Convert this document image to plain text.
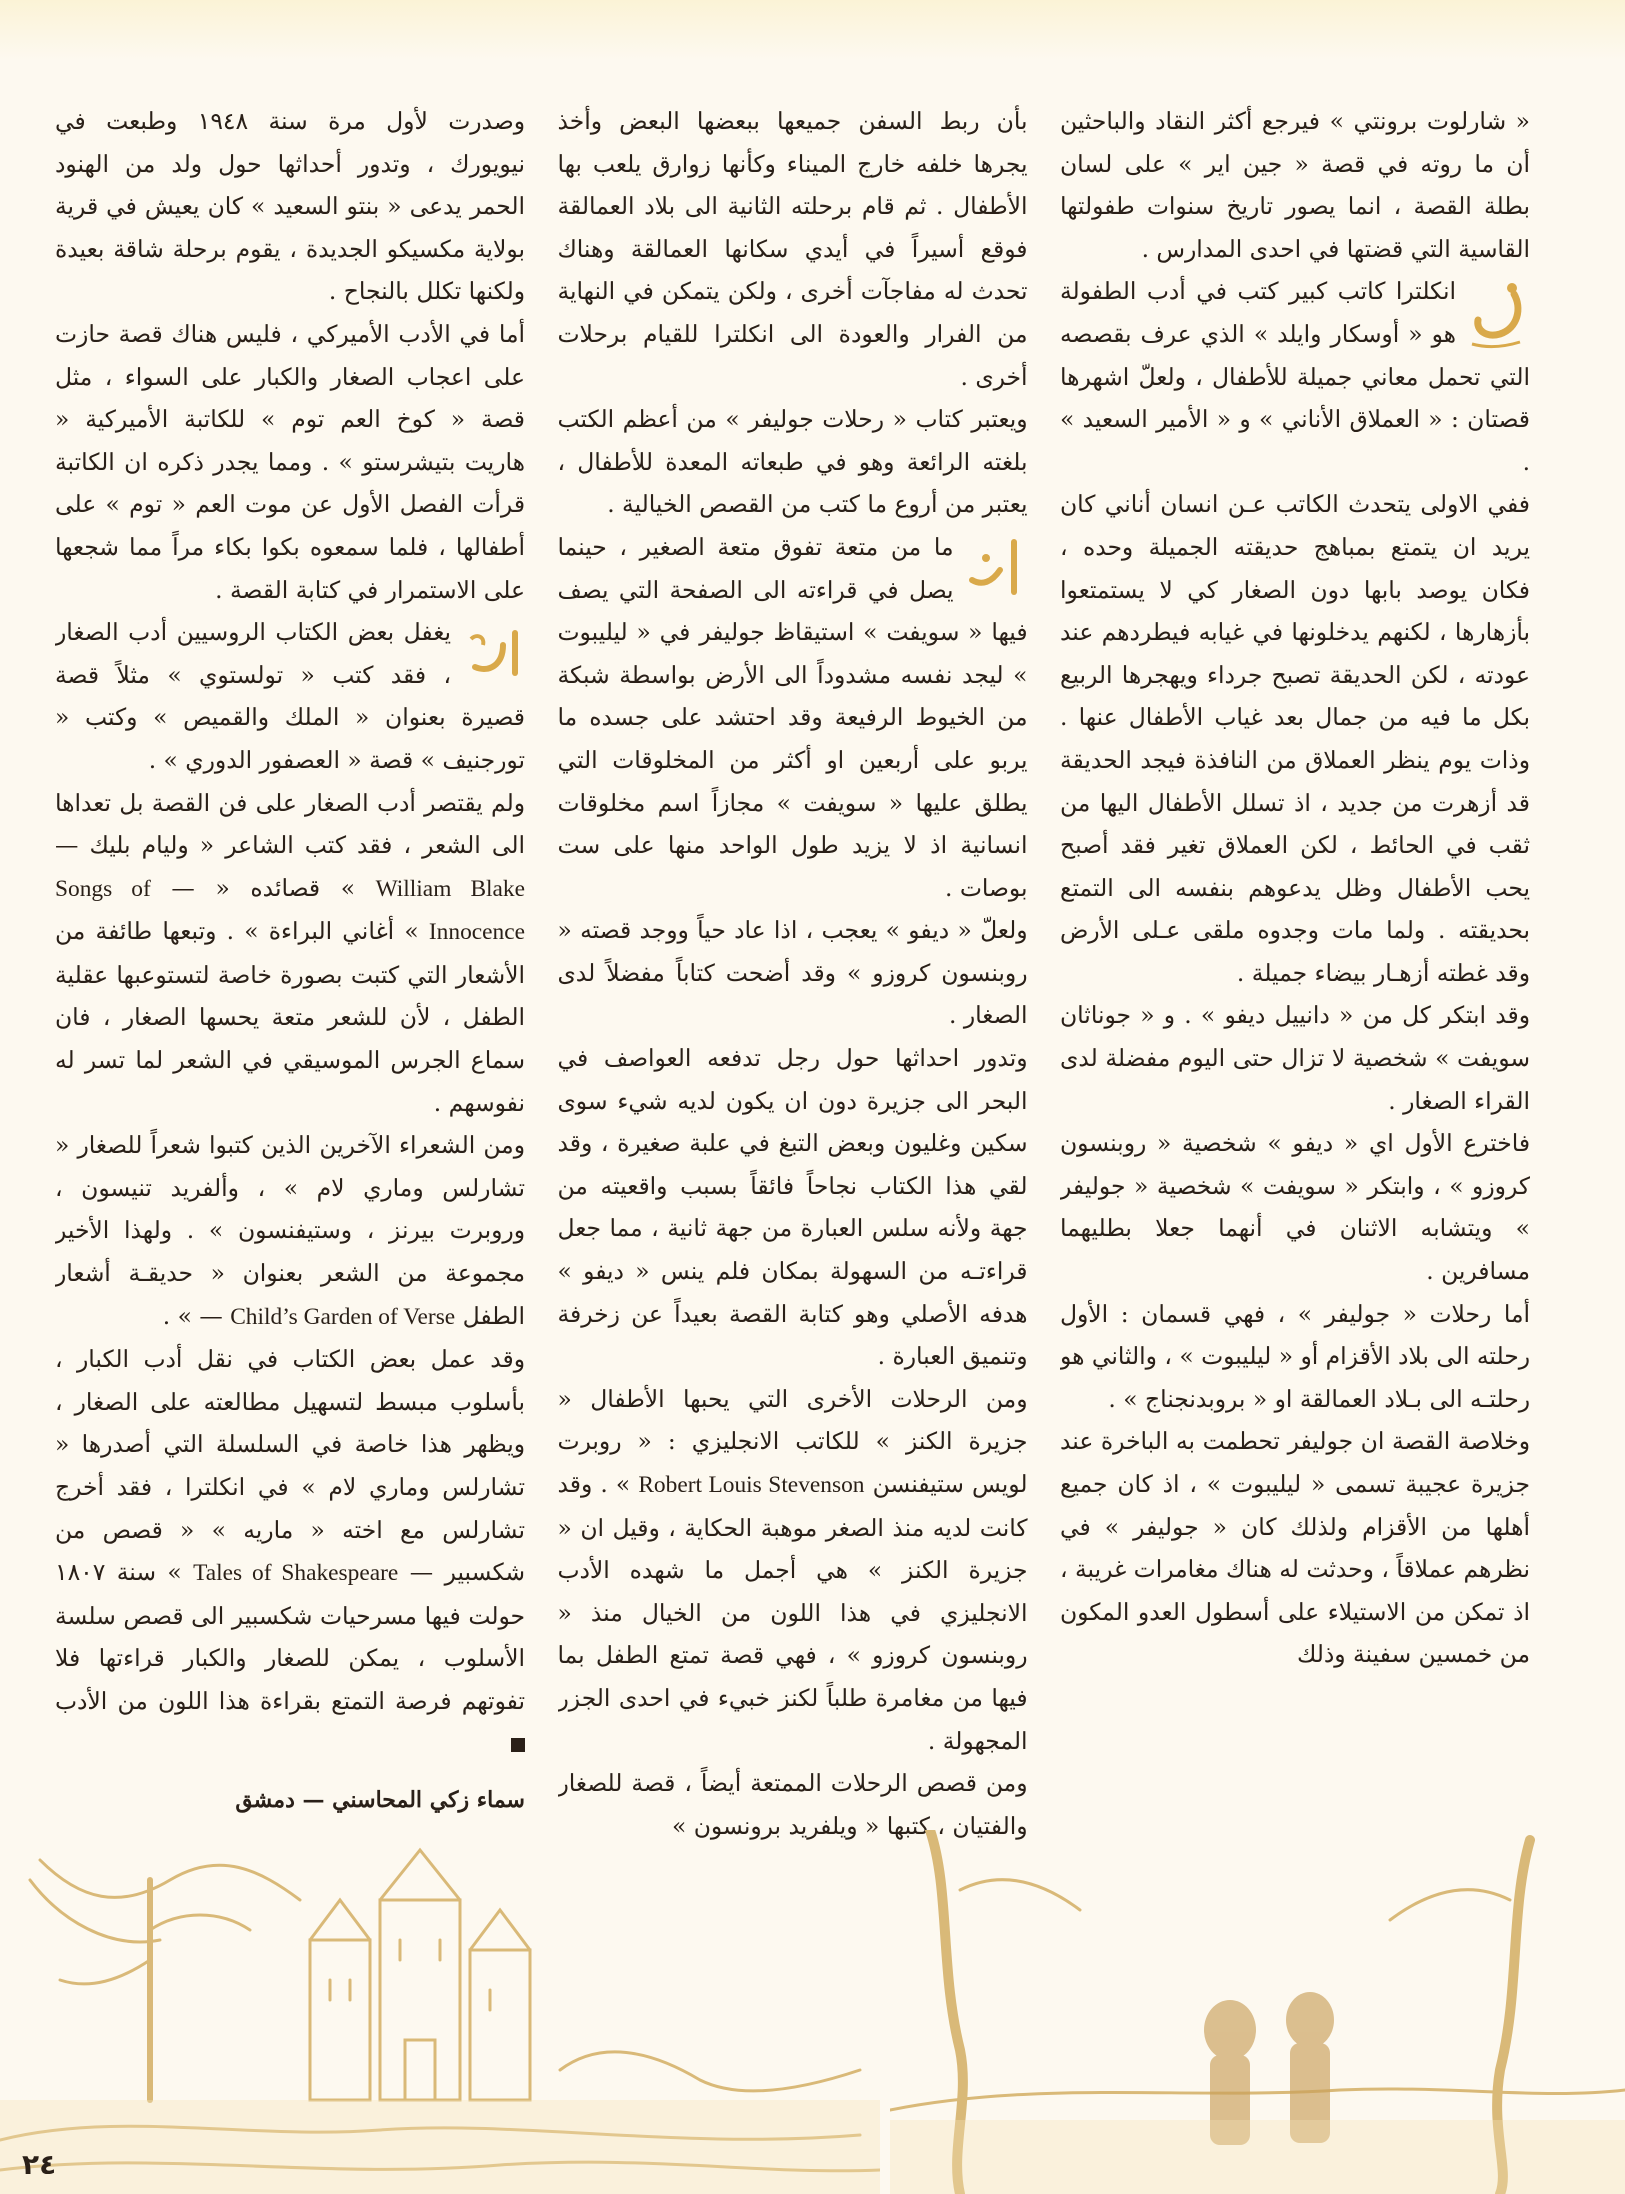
« شارلوت برونتي » فيرجع أكثر النقاد والباحثين أن ما روته في قصة « جين اير » على لسان بطلة القصة ، انما يصور تاريخ سنوات طفولتها القاسية التي قضتها في احدى المدارس .

انكلترا كاتب كبير كتب في أدب الطفولة هو « أوسكار وايلد » الذي عرف بقصصه التي تحمل معاني جميلة للأطفال ، ولعلّ اشهرها قصتان : « العملاق الأناني » و « الأمير السعيد » .

ففي الاولى يتحدث الكاتب عـن انسان أناني كان يريد ان يتمتع بمباهج حديقته الجميلة وحده ، فكان يوصد بابها دون الصغار كي لا يستمتعوا بأزهارها ، لكنهم يدخلونها في غيابه فيطردهم عند عودته ، لكن الحديقة تصبح جرداء ويهجرها الربيع بكل ما فيه من جمال بعد غياب الأطفال عنها . وذات يوم ينظر العملاق من النافذة فيجد الحديقة قد أزهرت من جديد ، اذ تسلل الأطفال اليها من ثقب في الحائط ، لكن العملاق تغير فقد أصبح يحب الأطفال وظل يدعوهم بنفسه الى التمتع بحديقته . ولما مات وجدوه ملقى عـلى الأرض وقد غطته أزهـار بيضاء جميلة .

وقد ابتكر كل من « دانييل ديفو » . و « جوناثان سويفت » شخصية لا تزال حتى اليوم مفضلة لدى القراء الصغار .

فاخترع الأول اي « ديفو » شخصية « روبنسون كروزو » ، وابتكر « سويفت » شخصية « جوليفر » ويتشابه الاثنان في أنهما جعلا بطليهما مسافرين .

أما رحلات « جوليفر » ، فهي قسمان : الأول رحلته الى بلاد الأقزام أو « ليليبوت » ، والثاني هو رحلتـه الى بـلاد العمالقة او « بروبدنجناج » .

وخلاصة القصة ان جوليفر تحطمت به الباخرة عند جزيرة عجيبة تسمى « ليليبوت » ، اذ كان جميع أهلها من الأقزام ولذلك كان « جوليفر » في نظرهم عملاقاً ، وحدثت له هناك مغامرات غريبة ، اذ تمكن من الاستيلاء على أسطول العدو المكون من خمسين سفينة وذلك

بأن ربط السفن جميعها ببعضها البعض وأخذ يجرها خلفه خارج الميناء وكأنها زوارق يلعب بها الأطفال . ثم قام برحلته الثانية الى بلاد العمالقة فوقع أسيراً في أيدي سكانها العمالقة وهناك تحدث له مفاجآت أخرى ، ولكن يتمكن في النهاية من الفرار والعودة الى انكلترا للقيام برحلات أخرى .

ويعتبر كتاب « رحلات جوليفر » من أعظم الكتب بلغته الرائعة وهو في طبعاته المعدة للأطفال ، يعتبر من أروع ما كتب من القصص الخيالية .

ما من متعة تفوق متعة الصغير ، حينما يصل في قراءته الى الصفحة التي يصف فيها « سويفت » استيقاظ جوليفر في « ليليبوت » ليجد نفسه مشدوداً الى الأرض بواسطة شبكة من الخيوط الرفيعة وقد احتشد على جسده ما يربو على أربعين او أكثر من المخلوقات التي يطلق عليها « سويفت » مجازاً اسم مخلوقات انسانية اذ لا يزيد طول الواحد منها على ست بوصات .

ولعلّ « ديفو » يعجب ، اذا عاد حياً ووجد قصته « روبنسون كروزو » وقد أضحت كتاباً مفضلاً لدى الصغار .

وتدور احداثها حول رجل تدفعه العواصف في البحر الى جزيرة دون ان يكون لديه شيء سوى سكين وغليون وبعض التبغ في علبة صغيرة ، وقد لقي هذا الكتاب نجاحاً فائقاً بسبب واقعيته من جهة ولأنه سلس العبارة من جهة ثانية ، مما جعل قراءتـه من السهولة بمكان فلم ينس « ديفو » هدفه الأصلي وهو كتابة القصة بعيداً عن زخرفة وتنميق العبارة .

ومن الرحلات الأخرى التي يحبها الأطفال « جزيرة الكنز » للكاتب الانجليزي : « روبرت لويس ستيفنسن Robert Louis Stevenson » . وقد كانت لديه منذ الصغر موهبة الحكاية ، وقيل ان « جزيرة الكنز » هي أجمل ما شهده الأدب الانجليزي في هذا اللون من الخيال منذ « روبنسون كروزو » ، فهي قصة تمتع الطفل بما فيها من مغامرة طلباً لكنز خبيء في احدى الجزر المجهولة .

ومن قصص الرحلات الممتعة أيضاً ، قصة للصغار والفتيان ، كتبها « ويلفريد برونسون »

وصدرت لأول مرة سنة ١٩٤٨ وطبعت في نيويورك ، وتدور أحداثها حول ولد من الهنود الحمر يدعى « بنتو السعيد » كان يعيش في قرية بولاية مكسيكو الجديدة ، يقوم برحلة شاقة بعيدة ولكنها تكلل بالنجاح .

أما في الأدب الأميركي ، فليس هناك قصة حازت على اعجاب الصغار والكبار على السواء ، مثل قصة « كوخ العم توم » للكاتبة الأميركية « هاريت بتيشرستو » . ومما يجدر ذكره ان الكاتبة قرأت الفصل الأول عن موت العم « توم » على أطفالها ، فلما سمعوه بكوا بكاء مراً مما شجعها على الاستمرار في كتابة القصة .

يغفل بعض الكتاب الروسيين أدب الصغار ، فقد كتب « تولستوي » مثلاً قصة قصيرة بعنوان « الملك والقميص » وكتب « تورجنيف » قصة « العصفور الدوري » .

ولم يقتصر أدب الصغار على فن القصة بل تعداها الى الشعر ، فقد كتب الشاعر « وليام بليك — William Blake » قصائده « — Songs of Innocence » أغاني البراءة » . وتبعها طائفة من الأشعار التي كتبت بصورة خاصة لتستوعبها عقلية الطفل ، لأن للشعر متعة يحسها الصغار ، فان سماع الجرس الموسيقي في الشعر لما تسر له نفوسهم .

ومن الشعراء الآخرين الذين كتبوا شعراً للصغار « تشارلس وماري لام » ، وألفريد تنيسون ، وروبرت بيرنز ، وستيفنسون » . ولهذا الأخير مجموعة من الشعر بعنوان « حديقـة أشعار الطفل Child’s Garden of Verse — » .

وقد عمل بعض الكتاب في نقل أدب الكبار ، بأسلوب مبسط لتسهيل مطالعته على الصغار ، ويظهر هذا خاصة في السلسلة التي أصدرها « تشارلس وماري لام » في انكلترا ، فقد أخرج تشارلس مع اخته « ماريه » « قصص من شكسبير — Tales of Shakespeare » سنة ١٨٠٧ حولت فيها مسرحيات شكسبير الى قصص سلسة الأسلوب ، يمكن للصغار والكبار قراءتها فلا تفوتهم فرصة التمتع بقراءة هذا اللون من الأدب

سماء زكي المحاسني — دمشق
٢٤
